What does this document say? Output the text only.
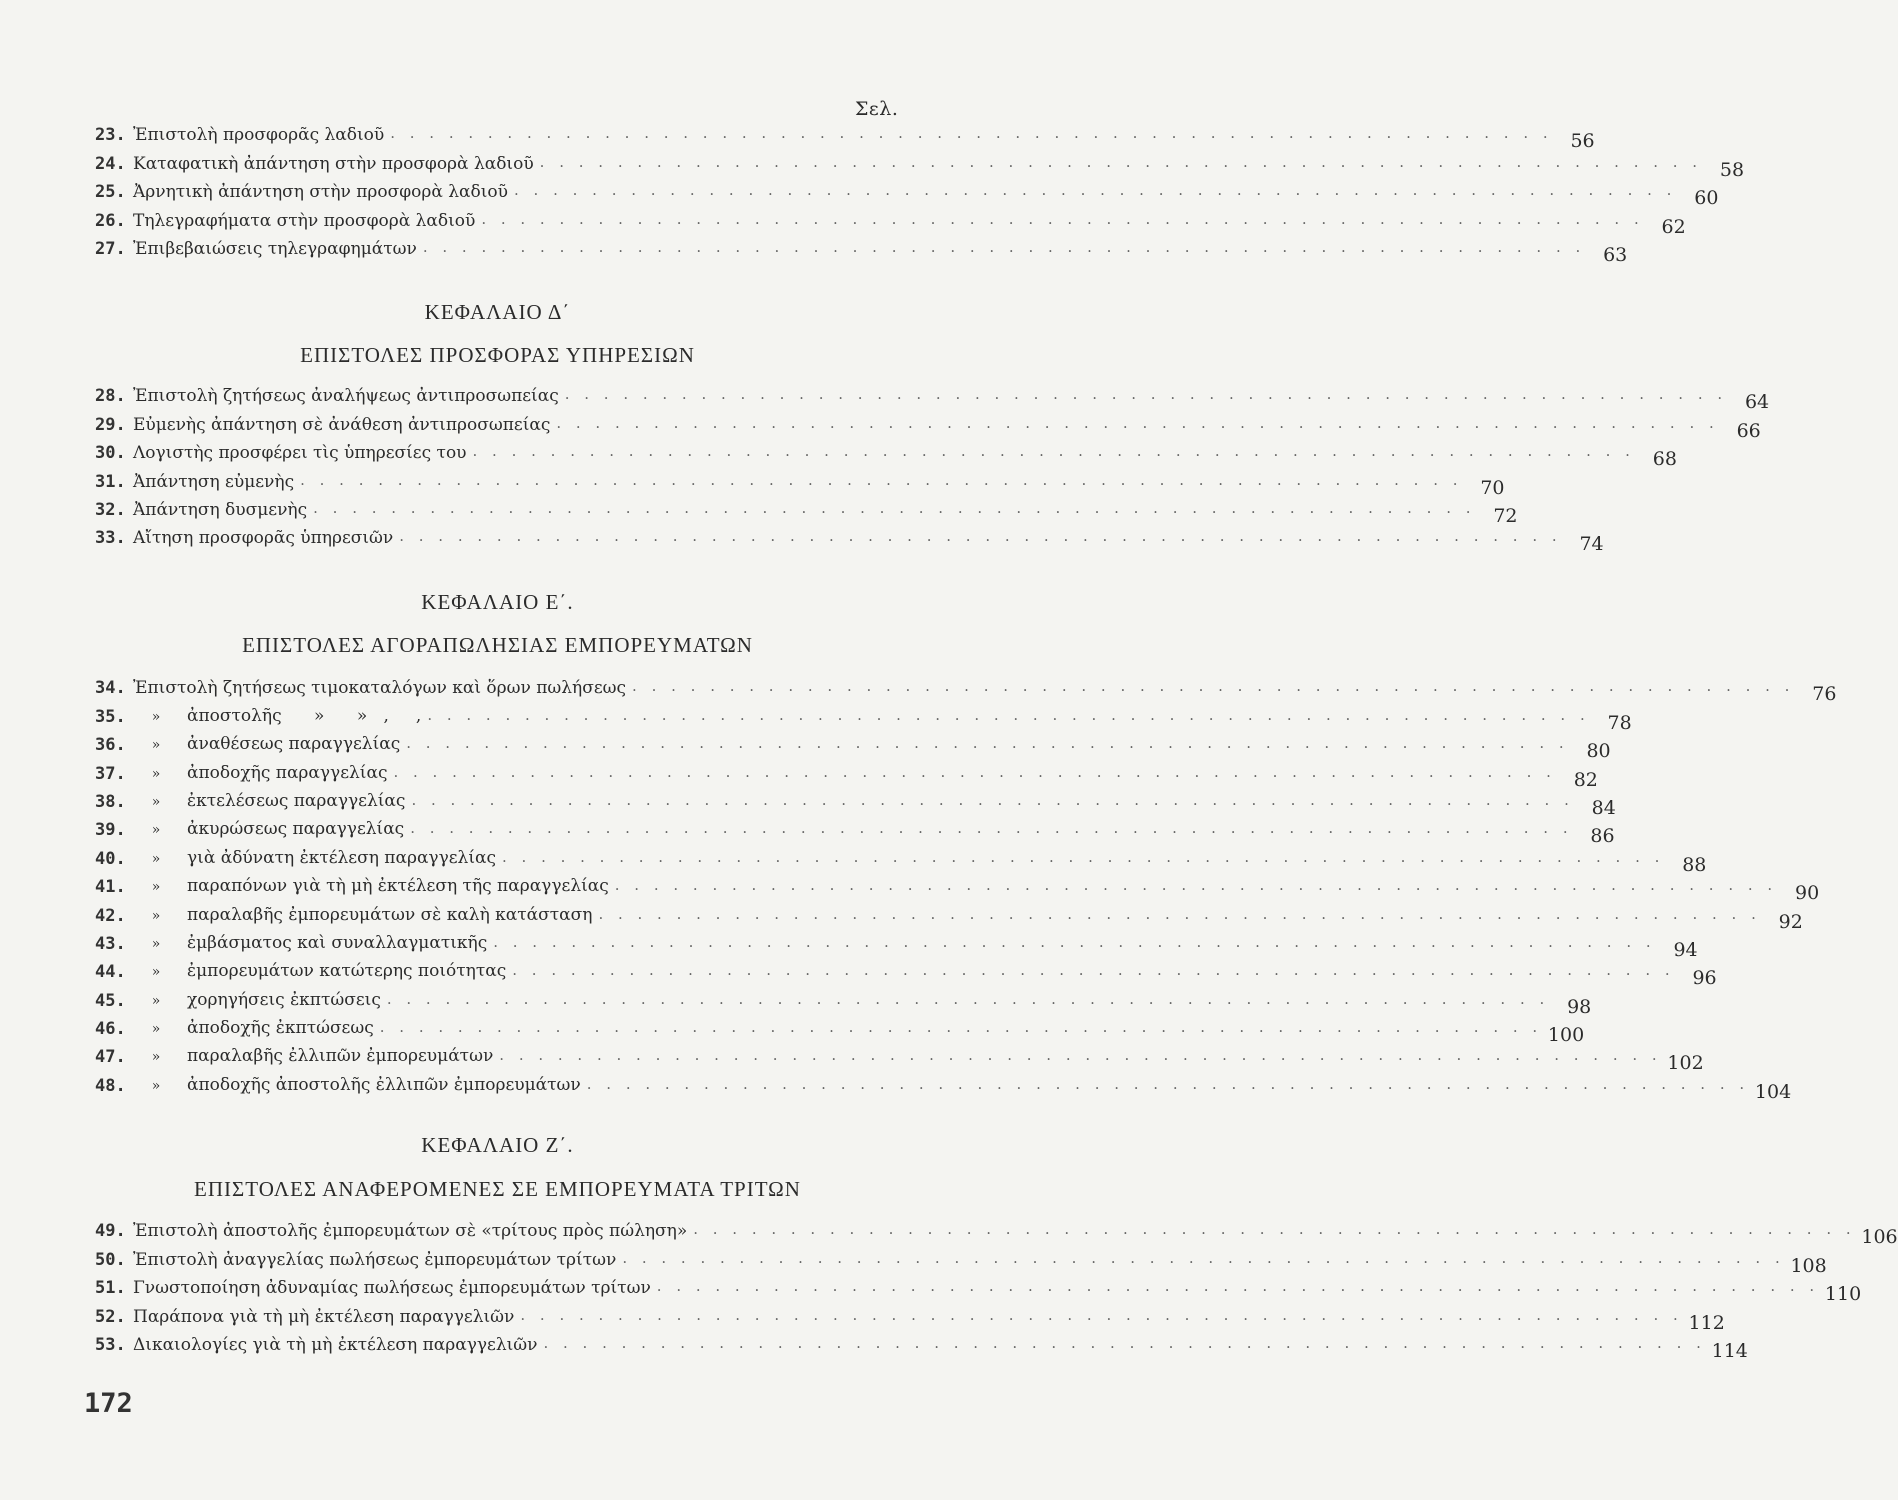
Σελ.
23. Ἐπιστολὴ προσφορᾶς λαδιοῦ . . . . . . . . . . . . . . . . . . . . . . . . . . . . . . . . . . . . . . . . . . . . . . . . . . . . . . . . . . . . 56
24. Καταφατικὴ ἀπάντηση στὴν προσφορὰ λαδιοῦ . . . . . . . . . . . . . . . . . . . . . . . . . . . . . . . . . . . . . . . . . . . . . . . . . . . . . . . . . . . . 58
25. Ἀρνητικὴ ἀπάντηση στὴν προσφορὰ λαδιοῦ . . . . . . . . . . . . . . . . . . . . . . . . . . . . . . . . . . . . . . . . . . . . . . . . . . . . . . . . . . . . 60
26. Τηλεγραφήματα στὴν προσφορὰ λαδιοῦ . . . . . . . . . . . . . . . . . . . . . . . . . . . . . . . . . . . . . . . . . . . . . . . . . . . . . . . . . . . . 62
27. Ἐπιβεβαιώσεις τηλεγραφημάτων . . . . . . . . . . . . . . . . . . . . . . . . . . . . . . . . . . . . . . . . . . . . . . . . . . . . . . . . . . . . 63
ΚΕΦΑΛΑΙΟ Δ΄
ΕΠΙΣΤΟΛΕΣ ΠΡΟΣΦΟΡΑΣ ΥΠΗΡΕΣΙΩΝ
28. Ἐπιστολὴ ζητήσεως ἀναλήψεως ἀντιπροσωπείας . . . . . . . . . . . . . . . . . . . . . . . . . . . . . . . . . . . . . . . . . . . . . . . . . . . . . . . . . . . . 64
29. Εὐμενὴς ἀπάντηση σὲ ἀνάθεση ἀντιπροσωπείας . . . . . . . . . . . . . . . . . . . . . . . . . . . . . . . . . . . . . . . . . . . . . . . . . . . . . . . . . . . . 66
30. Λογιστὴς προσφέρει τὶς ὑπηρεσίες του . . . . . . . . . . . . . . . . . . . . . . . . . . . . . . . . . . . . . . . . . . . . . . . . . . . . . . . . . . . . 68
31. Ἀπάντηση εὐμενὴς . . . . . . . . . . . . . . . . . . . . . . . . . . . . . . . . . . . . . . . . . . . . . . . . . . . . . . . . . . . . 70
32. Ἀπάντηση δυσμενὴς . . . . . . . . . . . . . . . . . . . . . . . . . . . . . . . . . . . . . . . . . . . . . . . . . . . . . . . . . . . . 72
33. Αἴτηση προσφορᾶς ὑπηρεσιῶν . . . . . . . . . . . . . . . . . . . . . . . . . . . . . . . . . . . . . . . . . . . . . . . . . . . . . . . . . . . . 74
ΚΕΦΑΛΑΙΟ Ε΄.
ΕΠΙΣΤΟΛΕΣ ΑΓΟΡΑΠΩΛΗΣΙΑΣ ΕΜΠΟΡΕΥΜΑΤΩΝ
34. Ἐπιστολὴ ζητήσεως τιμοκαταλόγων καὶ ὅρων πωλήσεως . . . . . . . . . . . . . . . . . . . . . . . . . . . . . . . . . . . . . . . . . . . . . . . . . . . . . . . . . . . . 76
35.	» ἀποστολῆς      »      »   ,     , . . . . . . . . . . . . . . . . . . . . . . . . . . . . . . . . . . . . . . . . . . . . . . . . . . . . . . . . . . . . 78
36.	» ἀναθέσεως παραγγελίας . . . . . . . . . . . . . . . . . . . . . . . . . . . . . . . . . . . . . . . . . . . . . . . . . . . . . . . . . . . . 80
37.	» ἀποδοχῆς παραγγελίας . . . . . . . . . . . . . . . . . . . . . . . . . . . . . . . . . . . . . . . . . . . . . . . . . . . . . . . . . . . . 82
38.	» ἐκτελέσεως παραγγελίας . . . . . . . . . . . . . . . . . . . . . . . . . . . . . . . . . . . . . . . . . . . . . . . . . . . . . . . . . . . . 84
39.	» ἀκυρώσεως παραγγελίας . . . . . . . . . . . . . . . . . . . . . . . . . . . . . . . . . . . . . . . . . . . . . . . . . . . . . . . . . . . . 86
40.	» γιὰ ἀδύνατη ἐκτέλεση παραγγελίας . . . . . . . . . . . . . . . . . . . . . . . . . . . . . . . . . . . . . . . . . . . . . . . . . . . . . . . . . . . . 88
41.	» παραπόνων γιὰ τὴ μὴ ἐκτέλεση τῆς παραγγελίας . . . . . . . . . . . . . . . . . . . . . . . . . . . . . . . . . . . . . . . . . . . . . . . . . . . . . . . . . . . . 90
42.	» παραλαβῆς ἐμπορευμάτων σὲ καλὴ κατάσταση . . . . . . . . . . . . . . . . . . . . . . . . . . . . . . . . . . . . . . . . . . . . . . . . . . . . . . . . . . . . 92
43.	» ἐμβάσματος καὶ συναλλαγματικῆς . . . . . . . . . . . . . . . . . . . . . . . . . . . . . . . . . . . . . . . . . . . . . . . . . . . . . . . . . . . . 94
44.	» ἐμπορευμάτων κατώτερης ποιότητας . . . . . . . . . . . . . . . . . . . . . . . . . . . . . . . . . . . . . . . . . . . . . . . . . . . . . . . . . . . . 96
45.	» χορηγήσεις ἐκπτώσεις . . . . . . . . . . . . . . . . . . . . . . . . . . . . . . . . . . . . . . . . . . . . . . . . . . . . . . . . . . . . 98
46.	» ἀποδοχῆς ἐκπτώσεως . . . . . . . . . . . . . . . . . . . . . . . . . . . . . . . . . . . . . . . . . . . . . . . . . . . . . . . . . . . . 100
47.	» παραλαβῆς ἐλλιπῶν ἐμπορευμάτων . . . . . . . . . . . . . . . . . . . . . . . . . . . . . . . . . . . . . . . . . . . . . . . . . . . . . . . . . . . . 102
48.	» ἀποδοχῆς ἀποστολῆς ἐλλιπῶν ἐμπορευμάτων . . . . . . . . . . . . . . . . . . . . . . . . . . . . . . . . . . . . . . . . . . . . . . . . . . . . . . . . . . . . 104
ΚΕΦΑΛΑΙΟ Ζ΄.
ΕΠΙΣΤΟΛΕΣ ΑΝΑΦΕΡΟΜΕΝΕΣ ΣΕ ΕΜΠΟΡΕΥΜΑΤΑ ΤΡΙΤΩΝ
49. Ἐπιστολὴ ἀποστολῆς ἐμπορευμάτων σὲ «τρίτους πρὸς πώληση» . . . . . . . . . . . . . . . . . . . . . . . . . . . . . . . . . . . . . . . . . . . . . . . . . . . . . . . . . . . . 106
50. Ἐπιστολὴ ἀναγγελίας πωλήσεως ἐμπορευμάτων τρίτων . . . . . . . . . . . . . . . . . . . . . . . . . . . . . . . . . . . . . . . . . . . . . . . . . . . . . . . . . . . . 108
51. Γνωστοποίηση ἀδυναμίας πωλήσεως ἐμπορευμάτων τρίτων . . . . . . . . . . . . . . . . . . . . . . . . . . . . . . . . . . . . . . . . . . . . . . . . . . . . . . . . . . . . 110
52. Παράπονα γιὰ τὴ μὴ ἐκτέλεση παραγγελιῶν . . . . . . . . . . . . . . . . . . . . . . . . . . . . . . . . . . . . . . . . . . . . . . . . . . . . . . . . . . . . 112
53. Δικαιολογίες γιὰ τὴ μὴ ἐκτέλεση παραγγελιῶν . . . . . . . . . . . . . . . . . . . . . . . . . . . . . . . . . . . . . . . . . . . . . . . . . . . . . . . . . . . . 114
172
